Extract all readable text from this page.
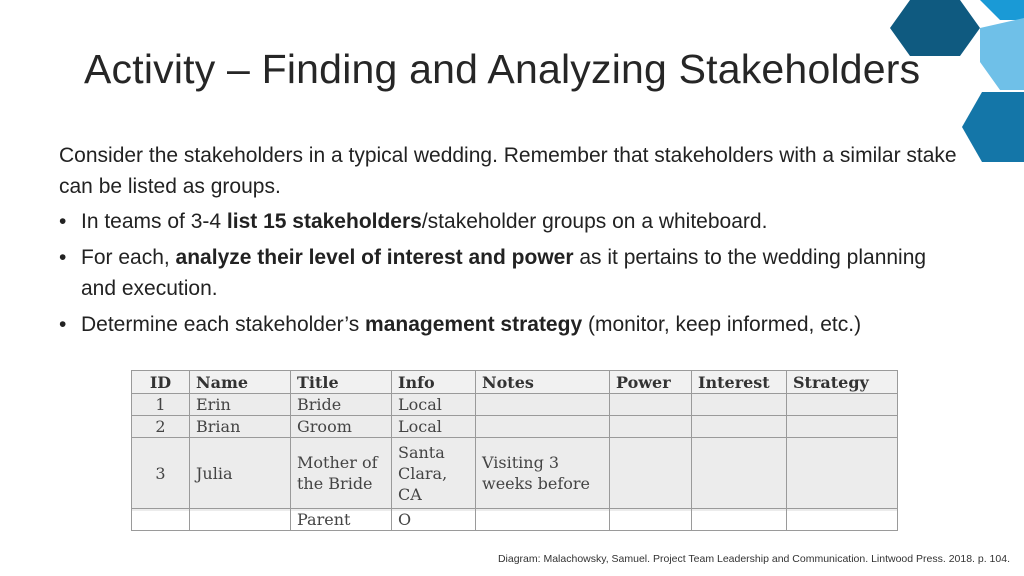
Activity – Finding and Analyzing Stakeholders

Consider the stakeholders in a typical wedding. Remember that stakeholders with a similar stake can be listed as groups.

• In teams of 3-4 list 15 stakeholders/stakeholder groups on a whiteboard.
• For each, analyze their level of interest and power as it pertains to the wedding planning and execution.
• Determine each stakeholder’s management strategy (monitor, keep informed, etc.)
ID	Name	Title	Info	Notes	Power	Interest	Strategy
1	Erin	Bride	Local				
2	Brian	Groom	Local				
3	Julia	Mother of the Bride	Santa Clara, CA	Visiting 3 weeks before			
		Parent	O				
Diagram: Malachowsky, Samuel. Project Team Leadership and Communication. Lintwood Press. 2018. p. 104.
